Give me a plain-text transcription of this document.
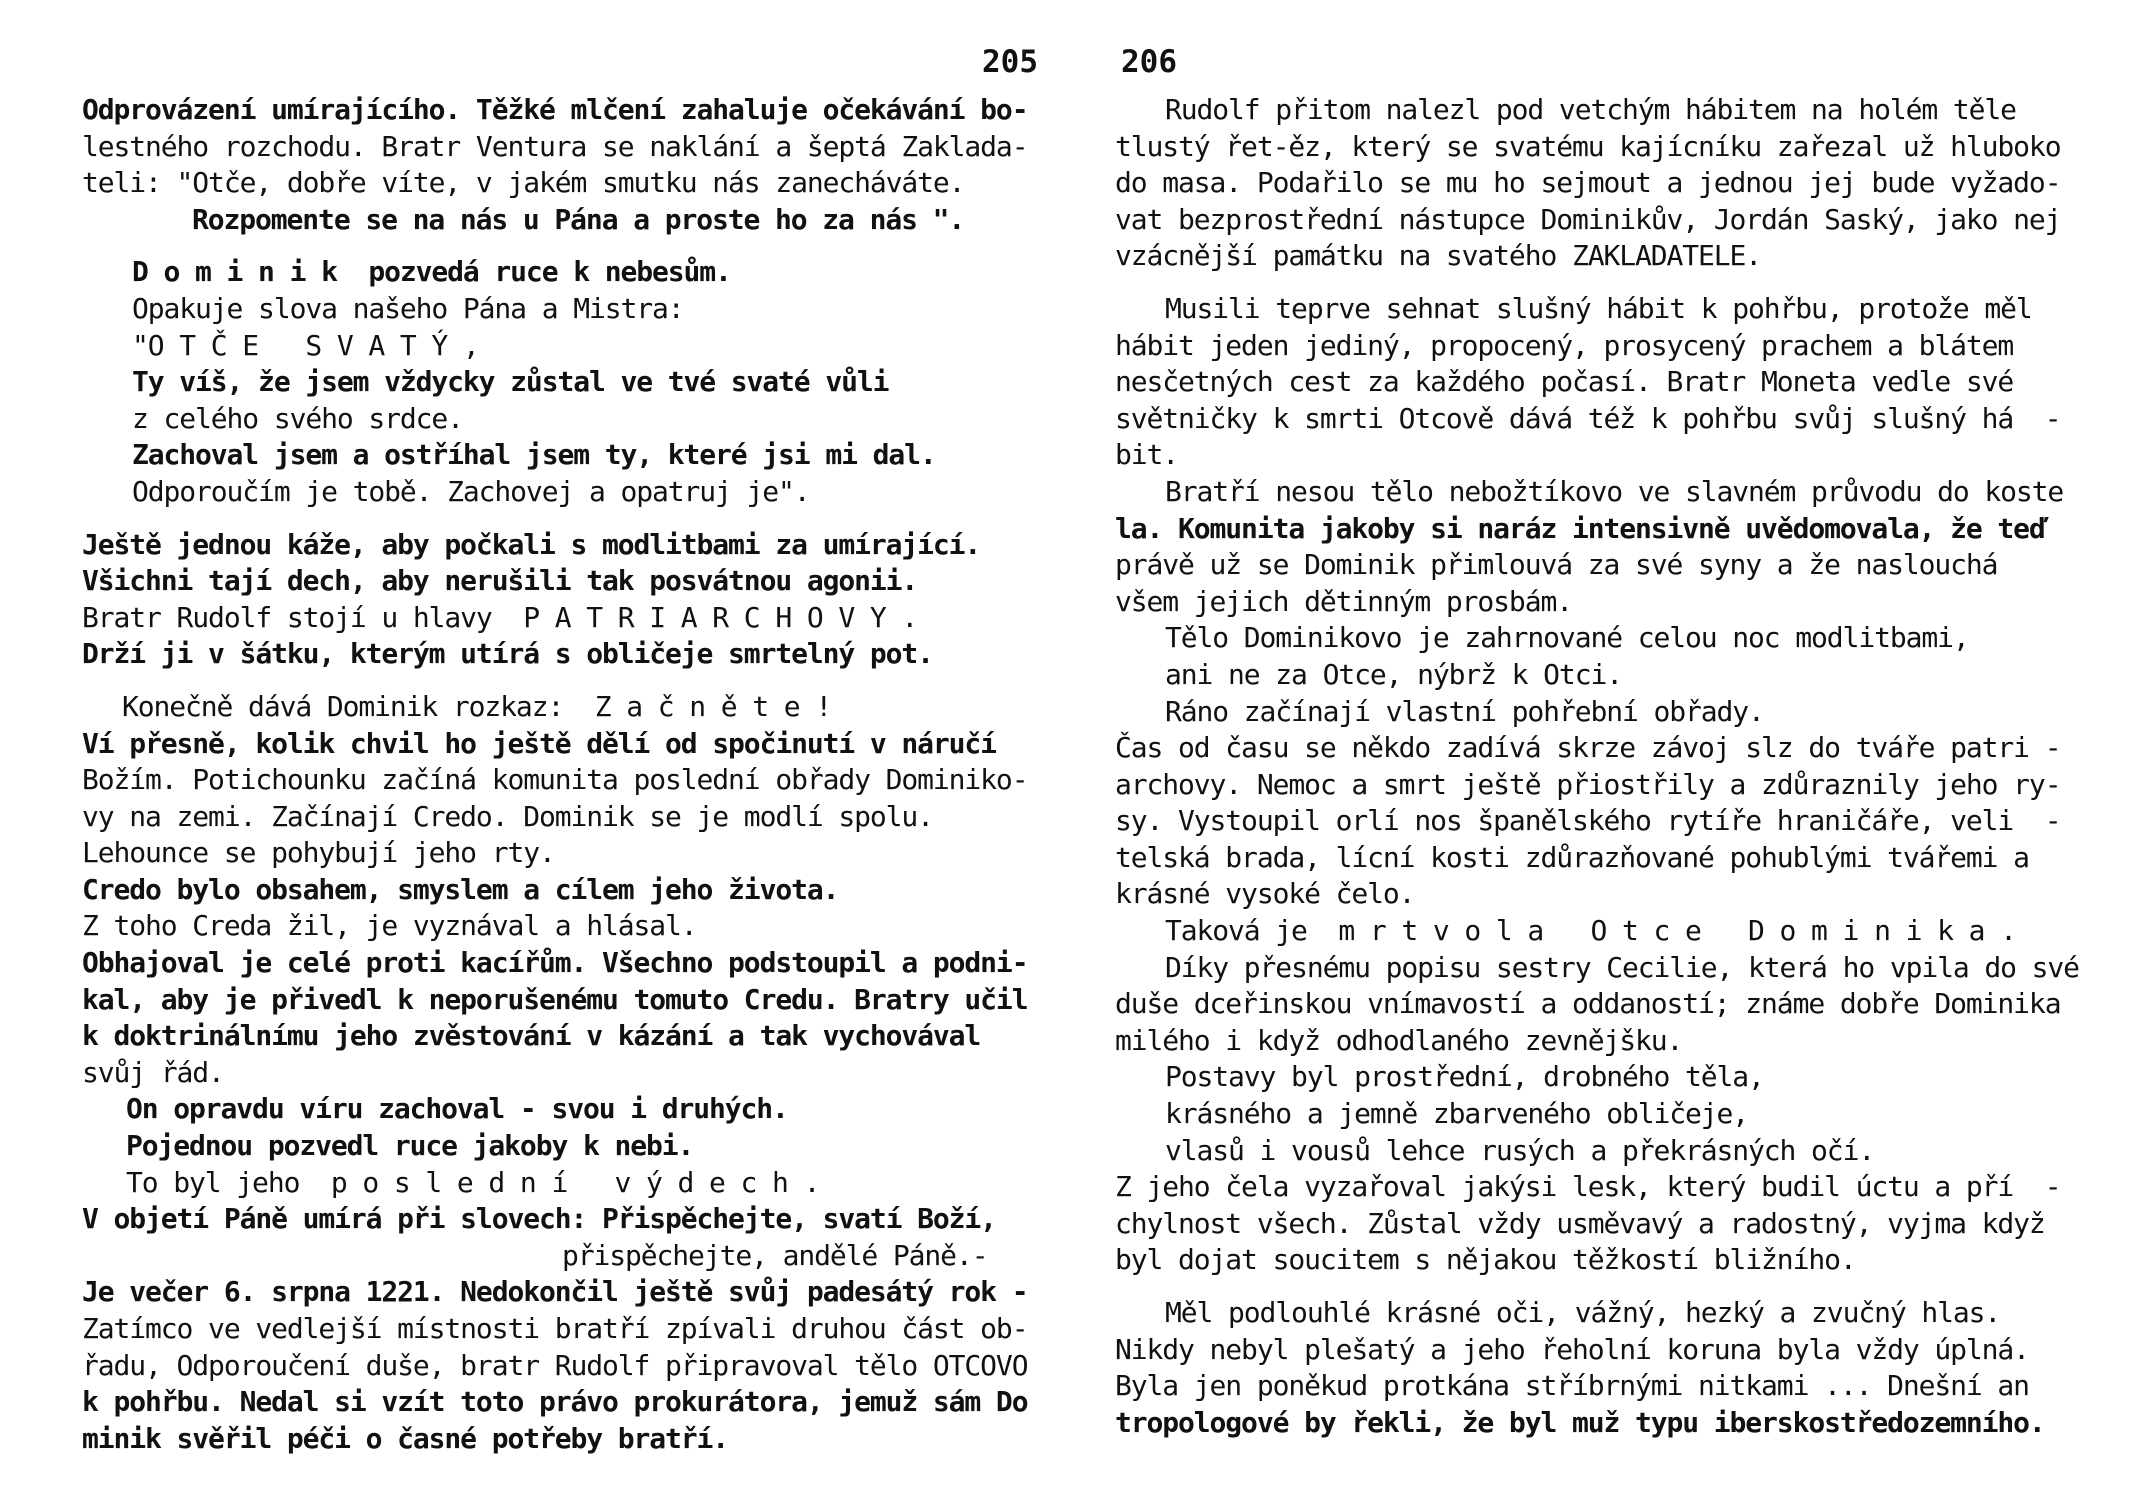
205
Odprovázení umírajícího. Těžké mlčení zahaluje očekávání bo-
lestného rozchodu. Bratr Ventura se naklání a šeptá Zaklada-
teli: "Otče, dobře víte, v jakém smutku nás zanecháváte.
Rozpomente se na nás u Pána a proste ho za nás ".
D o m i n i k  pozvedá ruce k nebesům.
Opakuje slova našeho Pána a Mistra:
"O T Č E   S V A T Ý ,
Ty víš, že jsem vždycky zůstal ve tvé svaté vůli
z celého svého srdce.
Zachoval jsem a ostříhal jsem ty, které jsi mi dal.
Odporoučím je tobě. Zachovej a opatruj je".
Ještě jednou káže, aby počkali s modlitbami za umírající.
Všichni tají dech, aby nerušili tak posvátnou agonii.
Bratr Rudolf stojí u hlavy  P A T R I A R C H O V Y .
Drží ji v šátku, kterým utírá s obličeje smrtelný pot.
Konečně dává Dominik rozkaz:  Z a č n ě t e !
Ví přesně, kolik chvil ho ještě dělí od spočinutí v náručí
Božím. Potichounku začíná komunita poslední obřady Dominiko-
vy na zemi. Začínají Credo. Dominik se je modlí spolu.
Lehounce se pohybují jeho rty.
Credo bylo obsahem, smyslem a cílem jeho života.
Z toho Creda žil, je vyznával a hlásal.
Obhajoval je celé proti kacířům. Všechno podstoupil a podni-
kal, aby je přivedl k neporušenému tomuto Credu. Bratry učil
k doktrinálnímu jeho zvěstování v kázání a tak vychovával
svůj řád.
On opravdu víru zachoval - svou i druhých.
Pojednou pozvedl ruce jakoby k nebi.
To byl jeho  p o s l e d n í   v ý d e c h .
V objetí Páně umírá při slovech: Přispěchejte, svatí Boží,
přispěchejte, andělé Páně.-
Je večer 6. srpna 1221. Nedokončil ještě svůj padesátý rok -
Zatímco ve vedlejší místnosti bratří zpívali druhou část ob-
řadu, Odporoučení duše, bratr Rudolf připravoval tělo OTCOVO
k pohřbu. Nedal si vzít toto právo prokurátora, jemuž sám Do
minik svěřil péči o časné potřeby bratří.
206
Rudolf přitom nalezl pod vetchým hábitem na holém těle
tlustý řet-ěz, který se svatému kajícníku zařezal už hluboko
do masa. Podařilo se mu ho sejmout a jednou jej bude vyžado-
vat bezprostřední nástupce Dominikův, Jordán Saský, jako nej
vzácnější památku na svatého ZAKLADATELE.
Musili teprve sehnat slušný hábit k pohřbu, protože měl
hábit jeden jediný, propocený, prosycený prachem a blátem
nesčetných cest za každého počasí. Bratr Moneta vedle své
světničky k smrti Otcově dává též k pohřbu svůj slušný há  -
bit.
Bratří nesou tělo nebožtíkovo ve slavném průvodu do koste
la. Komunita jakoby si naráz intensivně uvědomovala, že teď
právě už se Dominik přimlouvá za své syny a že naslouchá
všem jejich dětinným prosbám.
Tělo Dominikovo je zahrnované celou noc modlitbami,
ani ne za Otce, nýbrž k Otci.
Ráno začínají vlastní pohřební obřady.
Čas od času se někdo zadívá skrze závoj slz do tváře patri -
archovy. Nemoc a smrt ještě přiostřily a zdůraznily jeho ry-
sy. Vystoupil orlí nos španělského rytíře hraničáře, veli  -
telská brada, lícní kosti zdůrazňované pohublými tvářemi a
krásné vysoké čelo.
Taková je  m r t v o l a   O t c e   D o m i n i k a .
Díky přesnému popisu sestry Cecilie, která ho vpila do své
duše dceřinskou vnímavostí a oddaností; známe dobře Dominika
milého i když odhodlaného zevnějšku.
Postavy byl prostřední, drobného těla,
krásného a jemně zbarveného obličeje,
vlasů i vousů lehce rusých a překrásných očí.
Z jeho čela vyzařoval jakýsi lesk, který budil úctu a pří  -
chylnost všech. Zůstal vždy usměvavý a radostný, vyjma když
byl dojat soucitem s nějakou těžkostí bližního.
Měl podlouhlé krásné oči, vážný, hezký a zvučný hlas.
Nikdy nebyl plešatý a jeho řeholní koruna byla vždy úplná.
Byla jen poněkud protkána stříbrnými nitkami ... Dnešní an
tropologové by řekli, že byl muž typu iberskostředozemního.
